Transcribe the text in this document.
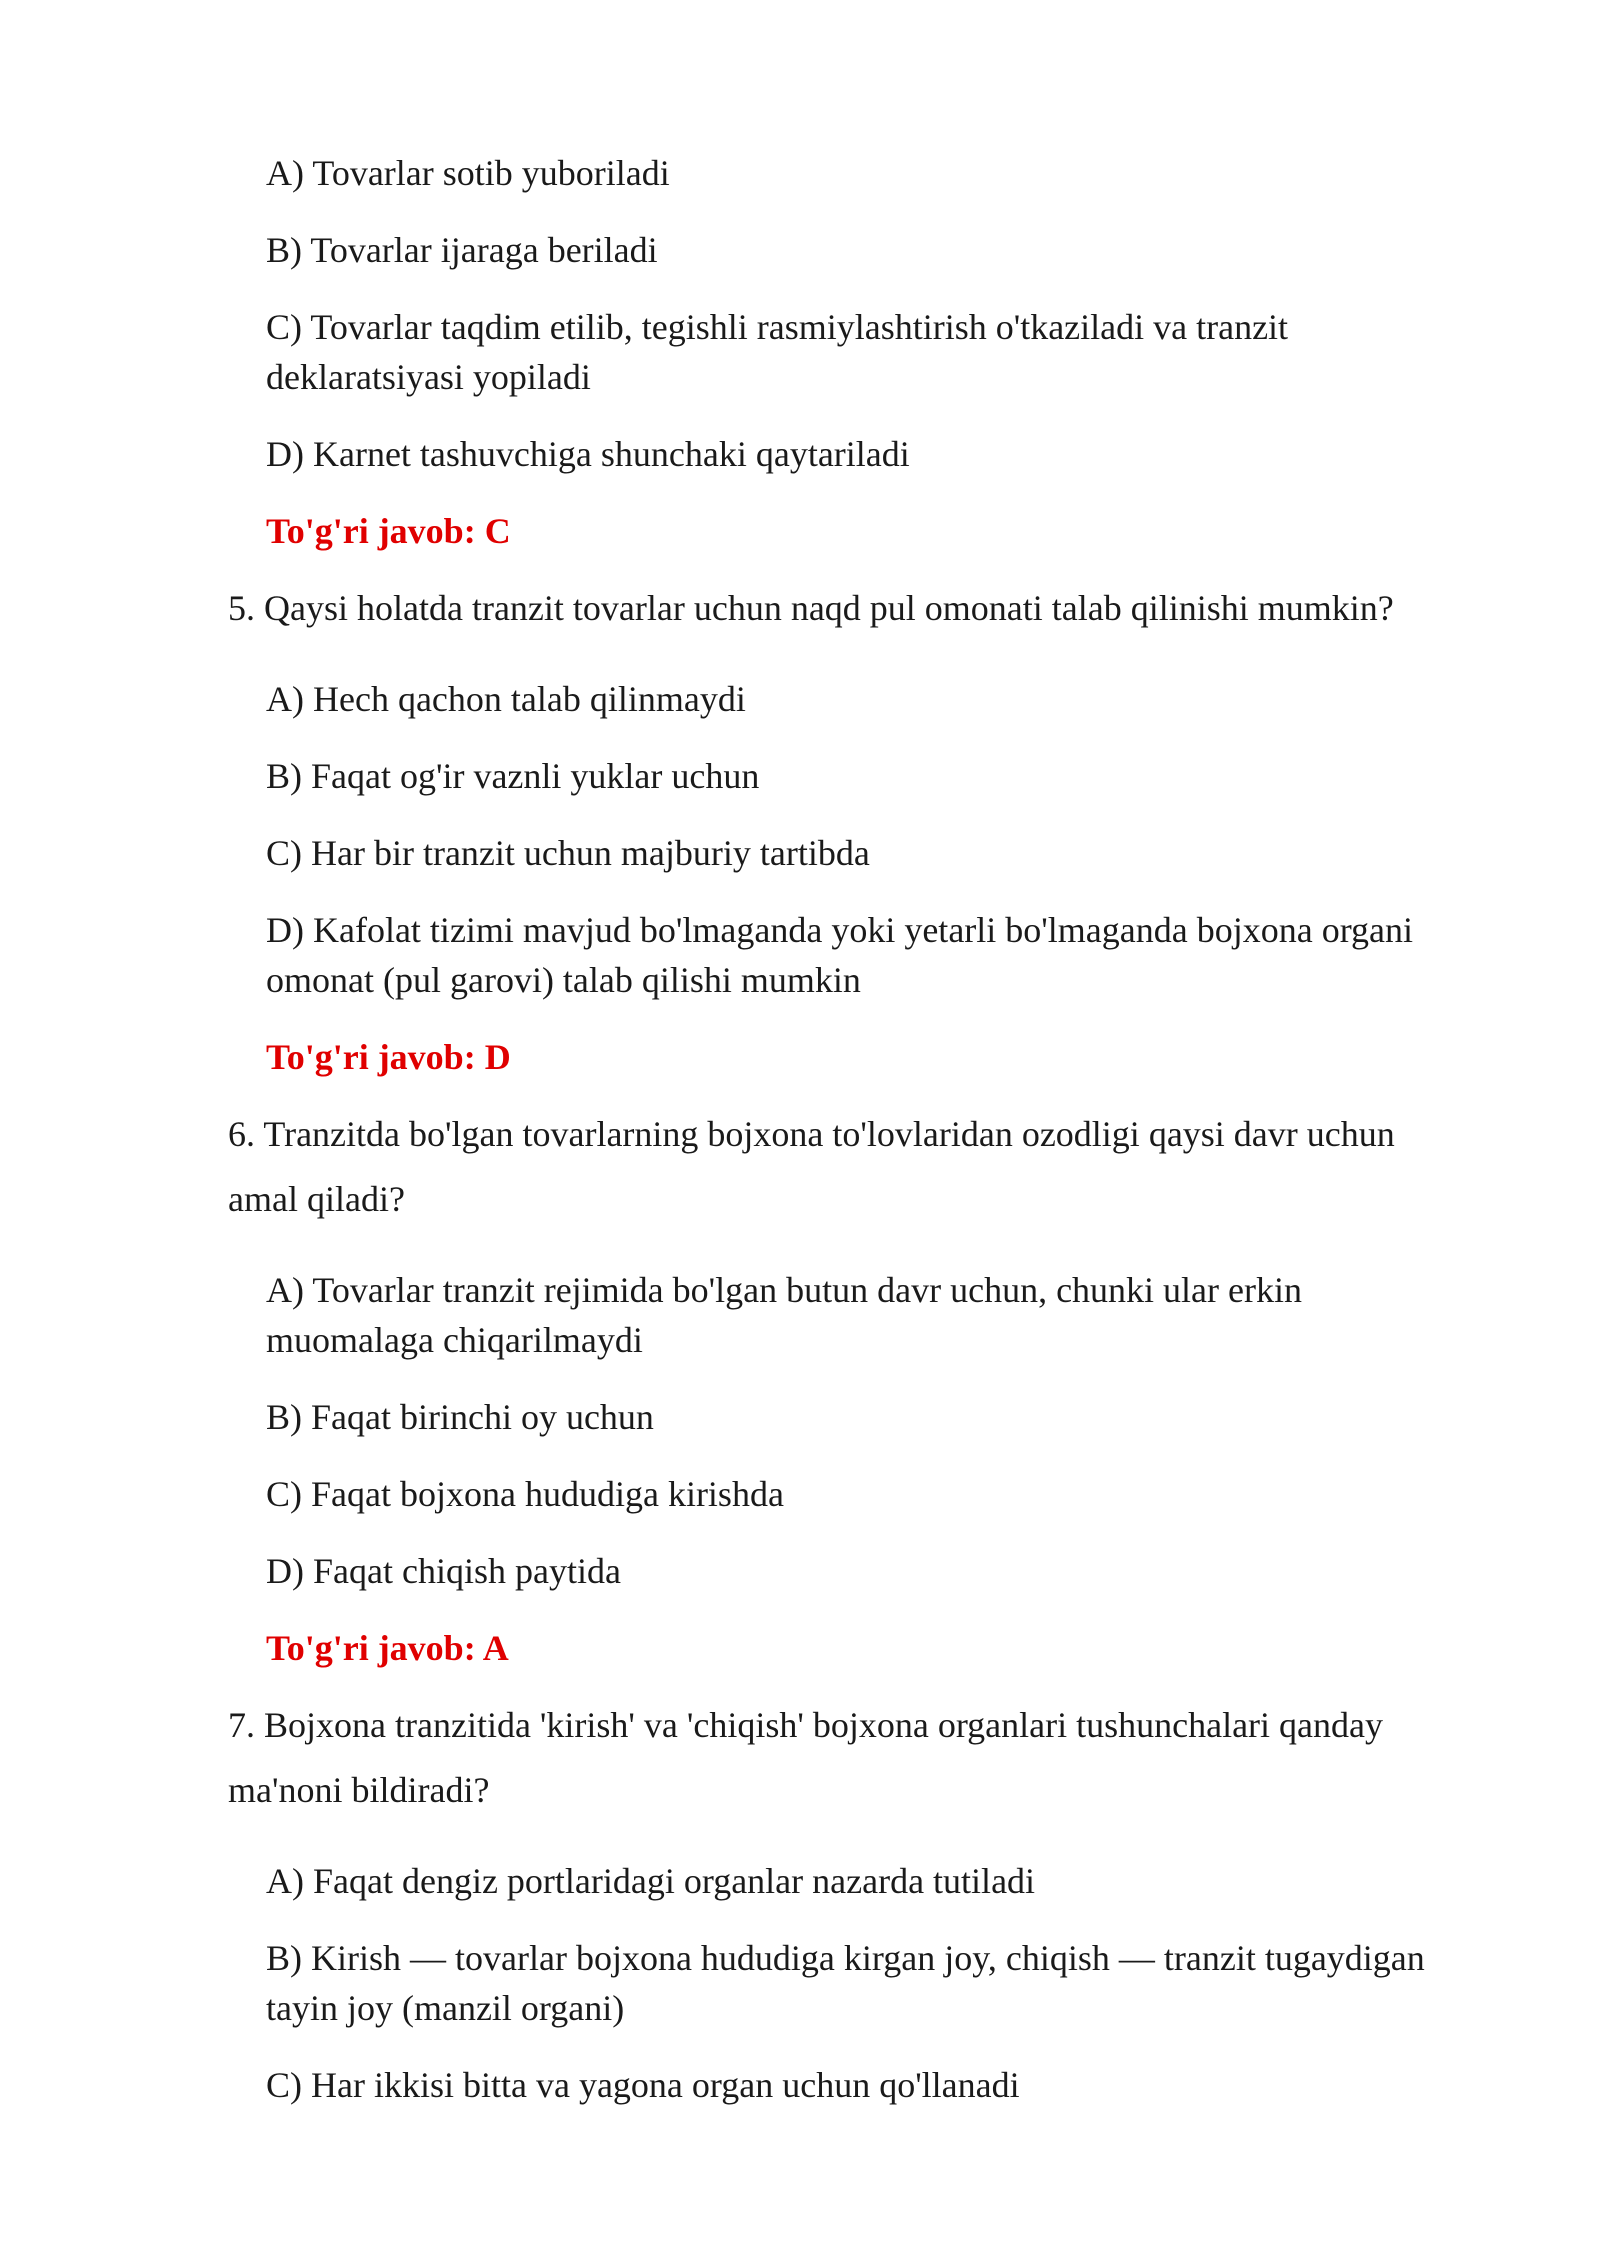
A) Tovarlar sotib yuboriladi

B) Tovarlar ijaraga beriladi

C) Tovarlar taqdim etilib, tegishli rasmiylashtirish o'tkaziladi va tranzit
deklaratsiyasi yopiladi

D) Karnet tashuvchiga shunchaki qaytariladi

To'g'ri javob: C

5. Qaysi holatda tranzit tovarlar uchun naqd pul omonati talab qilinishi mumkin?

A) Hech qachon talab qilinmaydi

B) Faqat og'ir vaznli yuklar uchun

C) Har bir tranzit uchun majburiy tartibda

D) Kafolat tizimi mavjud bo'lmaganda yoki yetarli bo'lmaganda bojxona organi
omonat (pul garovi) talab qilishi mumkin

To'g'ri javob: D

6. Tranzitda bo'lgan tovarlarning bojxona to'lovlaridan ozodligi qaysi davr uchun
amal qiladi?

A) Tovarlar tranzit rejimida bo'lgan butun davr uchun, chunki ular erkin
muomalaga chiqarilmaydi

B) Faqat birinchi oy uchun

C) Faqat bojxona hududiga kirishda

D) Faqat chiqish paytida

To'g'ri javob: A

7. Bojxona tranzitida 'kirish' va 'chiqish' bojxona organlari tushunchalari qanday
ma'noni bildiradi?

A) Faqat dengiz portlaridagi organlar nazarda tutiladi

B) Kirish — tovarlar bojxona hududiga kirgan joy, chiqish — tranzit tugaydigan
tayin joy (manzil organi)

C) Har ikkisi bitta va yagona organ uchun qo'llanadi
